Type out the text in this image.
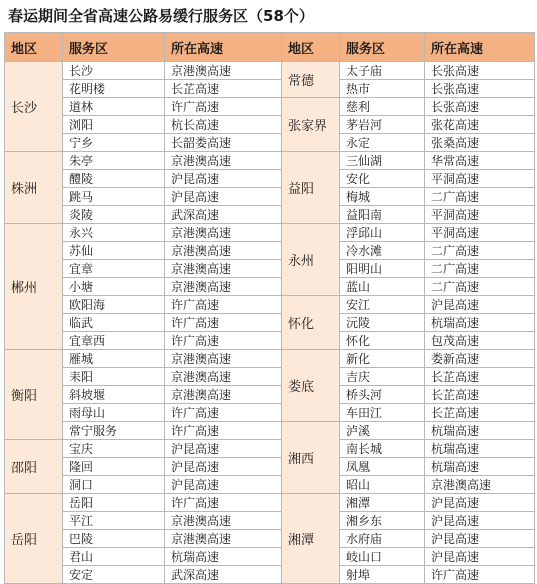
春运期间全省高速公路易缓行服务区（58个）
地区	服务区	所在高速	地区	服务区	所在高速
长沙	长沙	京港澳高速	常德	太子庙	长张高速
	花明楼	长芷高速		热市	长张高速
	道林	许广高速	张家界	慈利	长张高速
	浏阳	杭长高速		茅岩河	张花高速
	宁乡	长韶娄高速		永定	张桑高速
株洲	朱亭	京港澳高速	益阳	三仙湖	华常高速
	醴陵	沪昆高速		安化	平洞高速
	跳马	沪昆高速		梅城	二广高速
	炎陵	武深高速		益阳南	平洞高速
郴州	永兴	京港澳高速	永州	浮邱山	平洞高速
	苏仙	京港澳高速		冷水滩	二广高速
	宜章	京港澳高速		阳明山	二广高速
	小塘	京港澳高速		蓝山	二广高速
	欧阳海	许广高速	怀化	安江	沪昆高速
	临武	许广高速		沅陵	杭瑞高速
	宜章西	许广高速		怀化	包茂高速
衡阳	雁城	京港澳高速	娄底	新化	娄新高速
	耒阳	京港澳高速		吉庆	长芷高速
	斜坡堰	京港澳高速		桥头河	长芷高速
	雨母山	许广高速		车田江	长芷高速
	常宁服务	许广高速	湘西	泸溪	杭瑞高速
邵阳	宝庆	沪昆高速		南长城	杭瑞高速
	隆回	沪昆高速		凤凰	杭瑞高速
	洞口	沪昆高速		昭山	京港澳高速
岳阳	岳阳	许广高速	湘潭	湘潭	沪昆高速
	平江	京港澳高速		湘乡东	沪昆高速
	巴陵	京港澳高速		水府庙	沪昆高速
	君山	杭瑞高速		岐山口	沪昆高速
	安定	武深高速		射埠	许广高速
